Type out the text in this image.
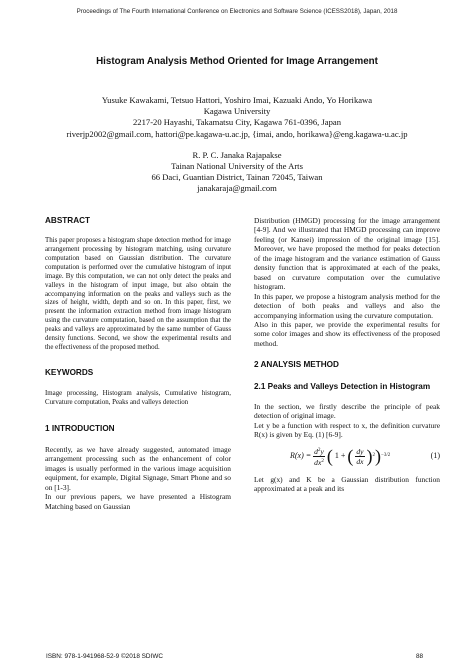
Proceedings of The Fourth International Conference on Electronics and Software Science (ICESS2018), Japan, 2018
Histogram Analysis Method Oriented for Image Arrangement
Yusuke Kawakami, Tetsuo Hattori, Yoshiro Imai, Kazuaki Ando, Yo Horikawa
Kagawa University
2217-20 Hayashi, Takamatsu City, Kagawa 761-0396, Japan
riverjp2002@gmail.com, hattori@pe.kagawa-u.ac.jp, {imai, ando, horikawa}@eng.kagawa-u.ac.jp
R. P. C. Janaka Rajapakse
Tainan National University of the Arts
66 Daci, Guantian District, Tainan 72045, Taiwan
janakaraja@gmail.com
ABSTRACT
This paper proposes a histogram shape detection method for image arrangement processing by histogram matching, using curvature computation based on Gaussian distribution. The curvature computation is performed over the cumulative histogram of input image. By this computation, we can not only detect the peaks and valleys in the histogram of input image, but also obtain the accompanying information on the peaks and valleys such as the sizes of height, width, depth and so on. In this paper, first, we present the information extraction method from image histogram using the curvature computation, based on the assumption that the peaks and valleys are approximated by the same number of Gauss density functions. Second, we show the experimental results and the effectiveness of the proposed method.
KEYWORDS
Image processing, Histogram analysis, Cumulative histogram, Curvature computation, Peaks and valleys detection
1 INTRODUCTION
Recently, as we have already suggested, automated image arrangement processing such as the enhancement of color images is usually performed in the various image acquisition equipment, for example, Digital Signage, Smart Phone and so on [1-3].
In our previous papers, we have presented a Histogram Matching based on Gaussian
Distribution (HMGD) processing for the image arrangement [4-9]. And we illustrated that HMGD processing can improve feeling (or Kansei) impression of the original image [15]. Moreover, we have proposed the method for peaks detection of the image histogram and the variance estimation of Gauss density function that is approximated at each of the peaks, based on curvature computation over the cumulative histogram.
In this paper, we propose a histogram analysis method for the detection of both peaks and valleys and also the accompanying information using the curvature computation.
Also in this paper, we provide the experimental results for some color images and show its effectiveness of the proposed method.
2 ANALYSIS METHOD
2.1 Peaks and Valleys Detection in Histogram
In the section, we firstly describe the principle of peak detection of original image.
Let y be a function with respect to x, the definition curvature R(x) is given by Eq. (1) [6-9].
$R(x) = \frac{d^2y}{dx^2}$ ( 1 + ( $\frac{dy}{dx}$ ) 2 ) −3/2	(1)
Let g(x) and K be a Gaussian distribution function approximated at a peak and its
ISBN: 978-1-941968-52-9 ©2018 SDIWC	88
